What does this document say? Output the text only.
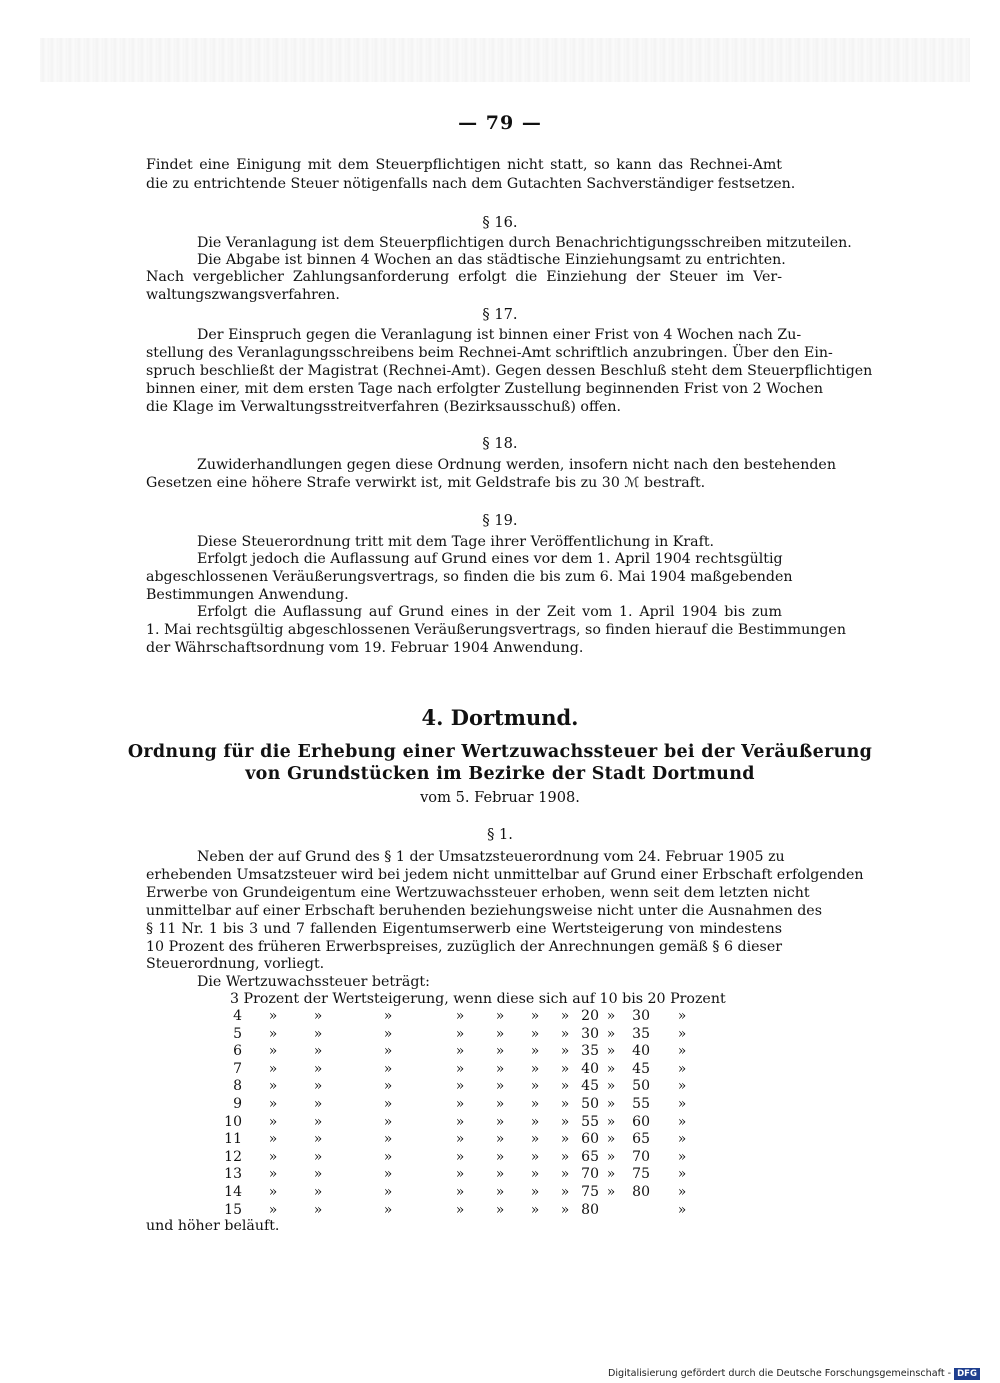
— 79 —
Findet eine Einigung mit dem Steuerpflichtigen nicht statt, so kann das Rechnei-Amt
die zu entrichtende Steuer nötigenfalls nach dem Gutachten Sachverständiger festsetzen.
§ 16.
Die Veranlagung ist dem Steuerpflichtigen durch Benachrichtigungsschreiben mitzuteilen.
Die Abgabe ist binnen 4 Wochen an das städtische Einziehungsamt zu entrichten.
Nach vergeblicher Zahlungsanforderung erfolgt die Einziehung der Steuer im Ver-
waltungszwangsverfahren.
§ 17.
Der Einspruch gegen die Veranlagung ist binnen einer Frist von 4 Wochen nach Zu-
stellung des Veranlagungsschreibens beim Rechnei-Amt schriftlich anzubringen. Über den Ein-
spruch beschließt der Magistrat (Rechnei-Amt). Gegen dessen Beschluß steht dem Steuerpflichtigen
binnen einer, mit dem ersten Tage nach erfolgter Zustellung beginnenden Frist von 2 Wochen
die Klage im Verwaltungsstreitverfahren (Bezirksausschuß) offen.
§ 18.
Zuwiderhandlungen gegen diese Ordnung werden, insofern nicht nach den bestehenden
Gesetzen eine höhere Strafe verwirkt ist, mit Geldstrafe bis zu 30 ℳ bestraft.
§ 19.
Diese Steuerordnung tritt mit dem Tage ihrer Veröffentlichung in Kraft.
Erfolgt jedoch die Auflassung auf Grund eines vor dem 1. April 1904 rechtsgültig
abgeschlossenen Veräußerungsvertrags, so finden die bis zum 6. Mai 1904 maßgebenden
Bestimmungen Anwendung.
Erfolgt die Auflassung auf Grund eines in der Zeit vom 1. April 1904 bis zum
1. Mai rechtsgültig abgeschlossenen Veräußerungsvertrags, so finden hierauf die Bestimmungen
der Währschaftsordnung vom 19. Februar 1904 Anwendung.
4. Dortmund.
Ordnung für die Erhebung einer Wertzuwachssteuer bei der Veräußerung
von Grundstücken im Bezirke der Stadt Dortmund
vom 5. Februar 1908.
§ 1.
Neben der auf Grund des § 1 der Umsatzsteuerordnung vom 24. Februar 1905 zu
erhebenden Umsatzsteuer wird bei jedem nicht unmittelbar auf Grund einer Erbschaft erfolgenden
Erwerbe von Grundeigentum eine Wertzuwachssteuer erhoben, wenn seit dem letzten nicht
unmittelbar auf einer Erbschaft beruhenden beziehungsweise nicht unter die Ausnahmen des
§ 11 Nr. 1 bis 3 und 7 fallenden Eigentumserwerb eine Wertsteigerung von mindestens
10 Prozent des früheren Erwerbspreises, zuzüglich der Anrechnungen gemäß § 6 dieser
Steuerordnung, vorliegt.
Die Wertzuwachssteuer beträgt:
3 Prozent der Wertsteigerung, wenn diese sich auf 10 bis 20 Prozent
4 »	»	»	» » » » 20 »	30 »
5 »	»	»	» » » » 30 »	35 »
6 »	»	»	» » » » 35 »	40 »
7 »	»	»	» » » » 40 »	45 »
8 »	»	»	» » » » 45 »	50 »
9 »	»	»	» » » » 50 »	55 »
10 »	»	»	» » » » 55 »	60 »
11 »	»	»	» » » » 60 »	65 »
12 »	»	»	» » » » 65 »	70 »
13 »	»	»	» » » » 70 »	75 »
14 »	»	»	» » » » 75 »	80 »
15 »	»	»	» » » » 80	»
und höher beläuft.
Digitalisierung gefördert durch die Deutsche Forschungsgemeinschaft - DFG
